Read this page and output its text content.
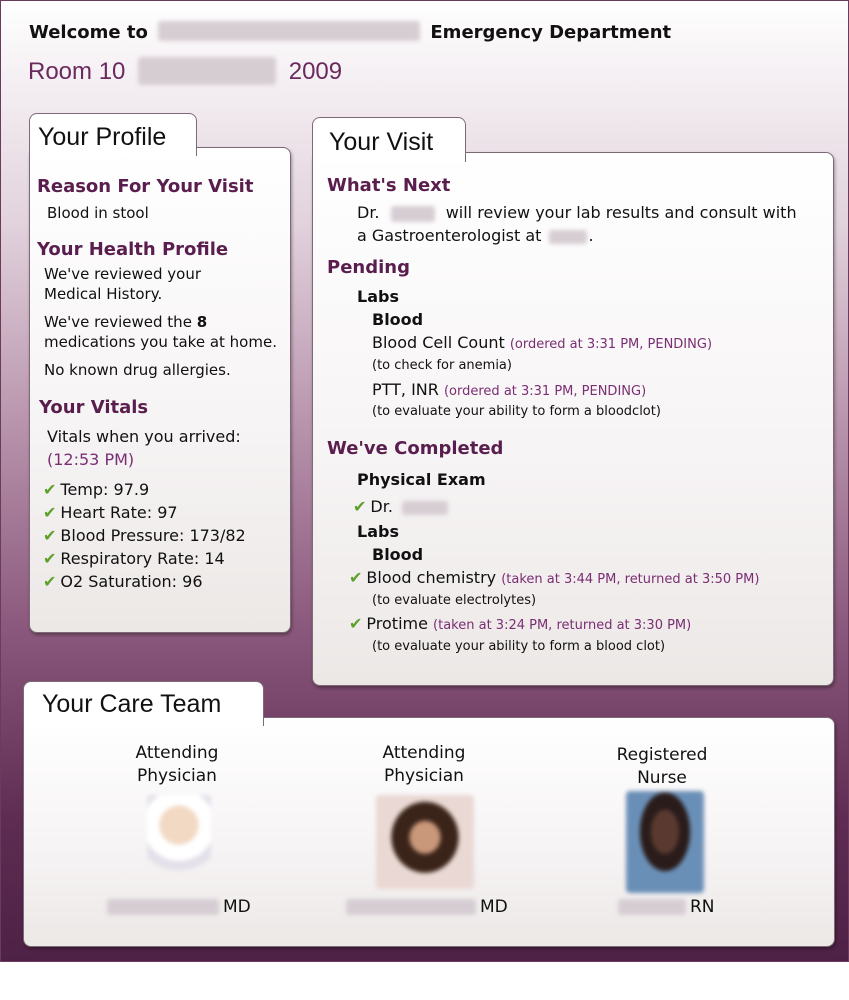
Welcome to	Emergency Department
Room 10	2009
Your Profile
Reason For Your Visit
Blood in stool
Your Health Profile
We've reviewed your
Medical History.
We've reviewed the 8
medications you take at home.
No known drug allergies.
Your Vitals
Vitals when you arrived:
(12:53 PM)
✔ Temp: 97.9
✔ Heart Rate: 97
✔ Blood Pressure: 173/82
✔ Respiratory Rate: 14
✔ O2 Saturation: 96
Your Visit
What's Next
Dr.	will review your lab results and consult with
a Gastroenterologist at	.
Pending
Labs
Blood
Blood Cell Count (ordered at 3:31 PM, PENDING)
(to check for anemia)
PTT, INR (ordered at 3:31 PM, PENDING)
(to evaluate your ability to form a bloodclot)
We've Completed
Physical Exam
✔ Dr.
Labs
Blood
✔ Blood chemistry (taken at 3:44 PM, returned at 3:50 PM)
(to evaluate electrolytes)
✔ Protime (taken at 3:24 PM, returned at 3:30 PM)
(to evaluate your ability to form a blood clot)
Your Care Team
Attending
Physician
MD
Attending
Physician
MD
Registered
Nurse
RN
